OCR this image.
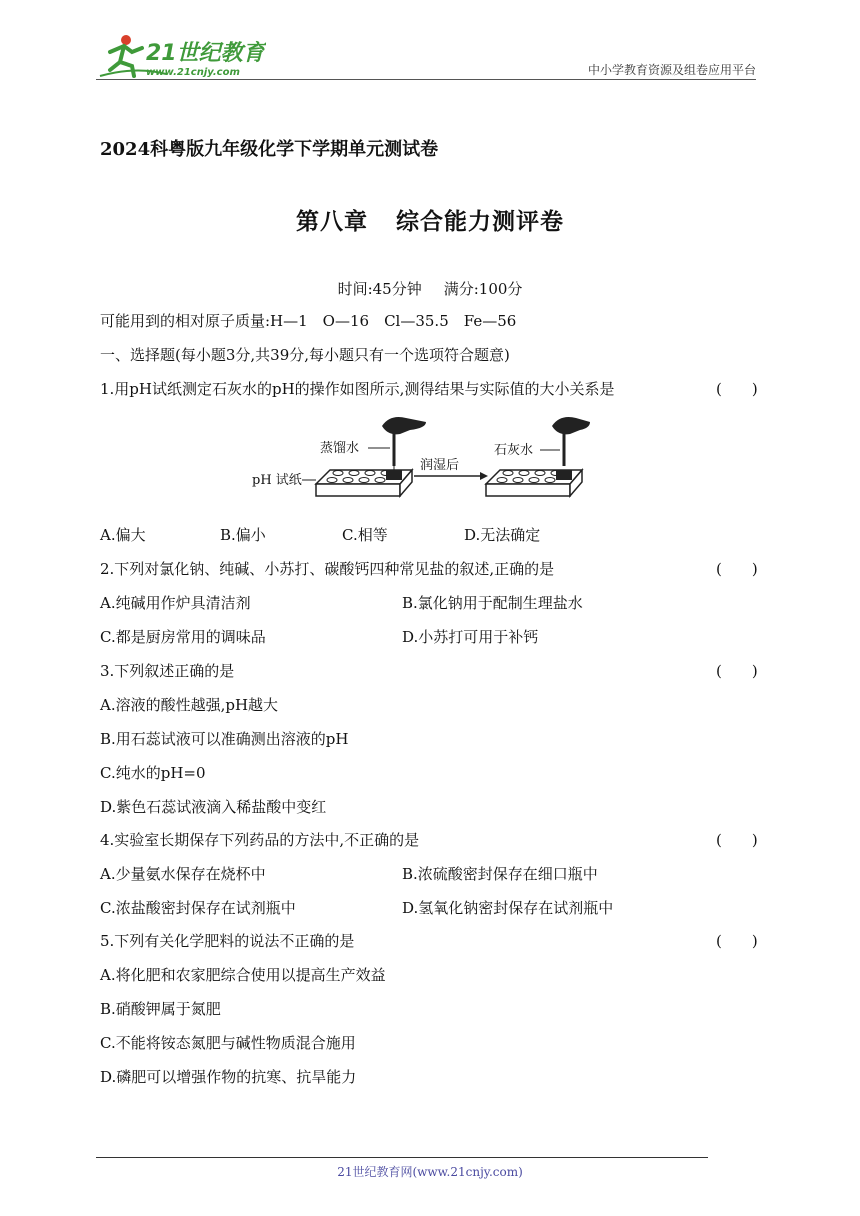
21世纪教育
www.21cnjy.com	中小学教育资源及组卷应用平台
2024科粤版九年级化学下学期单元测试卷
第八章 综合能力测评卷
时间:45分钟 满分:100分
可能用到的相对原子质量:H—1　O—16　Cl—35.5　Fe—56
一、选择题(每小题3分,共39分,每小题只有一个选项符合题意)
1.用pH试纸测定石灰水的pH的操作如图所示,测得结果与实际值的大小关系是	(　　)
蒸馏水
pH 试纸
润湿后
石灰水
A.偏大	B.偏小	C.相等	D.无法确定
2.下列对氯化钠、纯碱、小苏打、碳酸钙四种常见盐的叙述,正确的是	(　　)
A.纯碱用作炉具清洁剂	B.氯化钠用于配制生理盐水
C.都是厨房常用的调味品	D.小苏打可用于补钙
3.下列叙述正确的是	(　　)
A.溶液的酸性越强,pH越大
B.用石蕊试液可以准确测出溶液的pH
C.纯水的pH=0
D.紫色石蕊试液滴入稀盐酸中变红
4.实验室长期保存下列药品的方法中,不正确的是	(　　)
A.少量氨水保存在烧杯中	B.浓硫酸密封保存在细口瓶中
C.浓盐酸密封保存在试剂瓶中	D.氢氧化钠密封保存在试剂瓶中
5.下列有关化学肥料的说法不正确的是	(　　)
A.将化肥和农家肥综合使用以提高生产效益
B.硝酸钾属于氮肥
C.不能将铵态氮肥与碱性物质混合施用
D.磷肥可以增强作物的抗寒、抗旱能力
21世纪教育网(www.21cnjy.com)
